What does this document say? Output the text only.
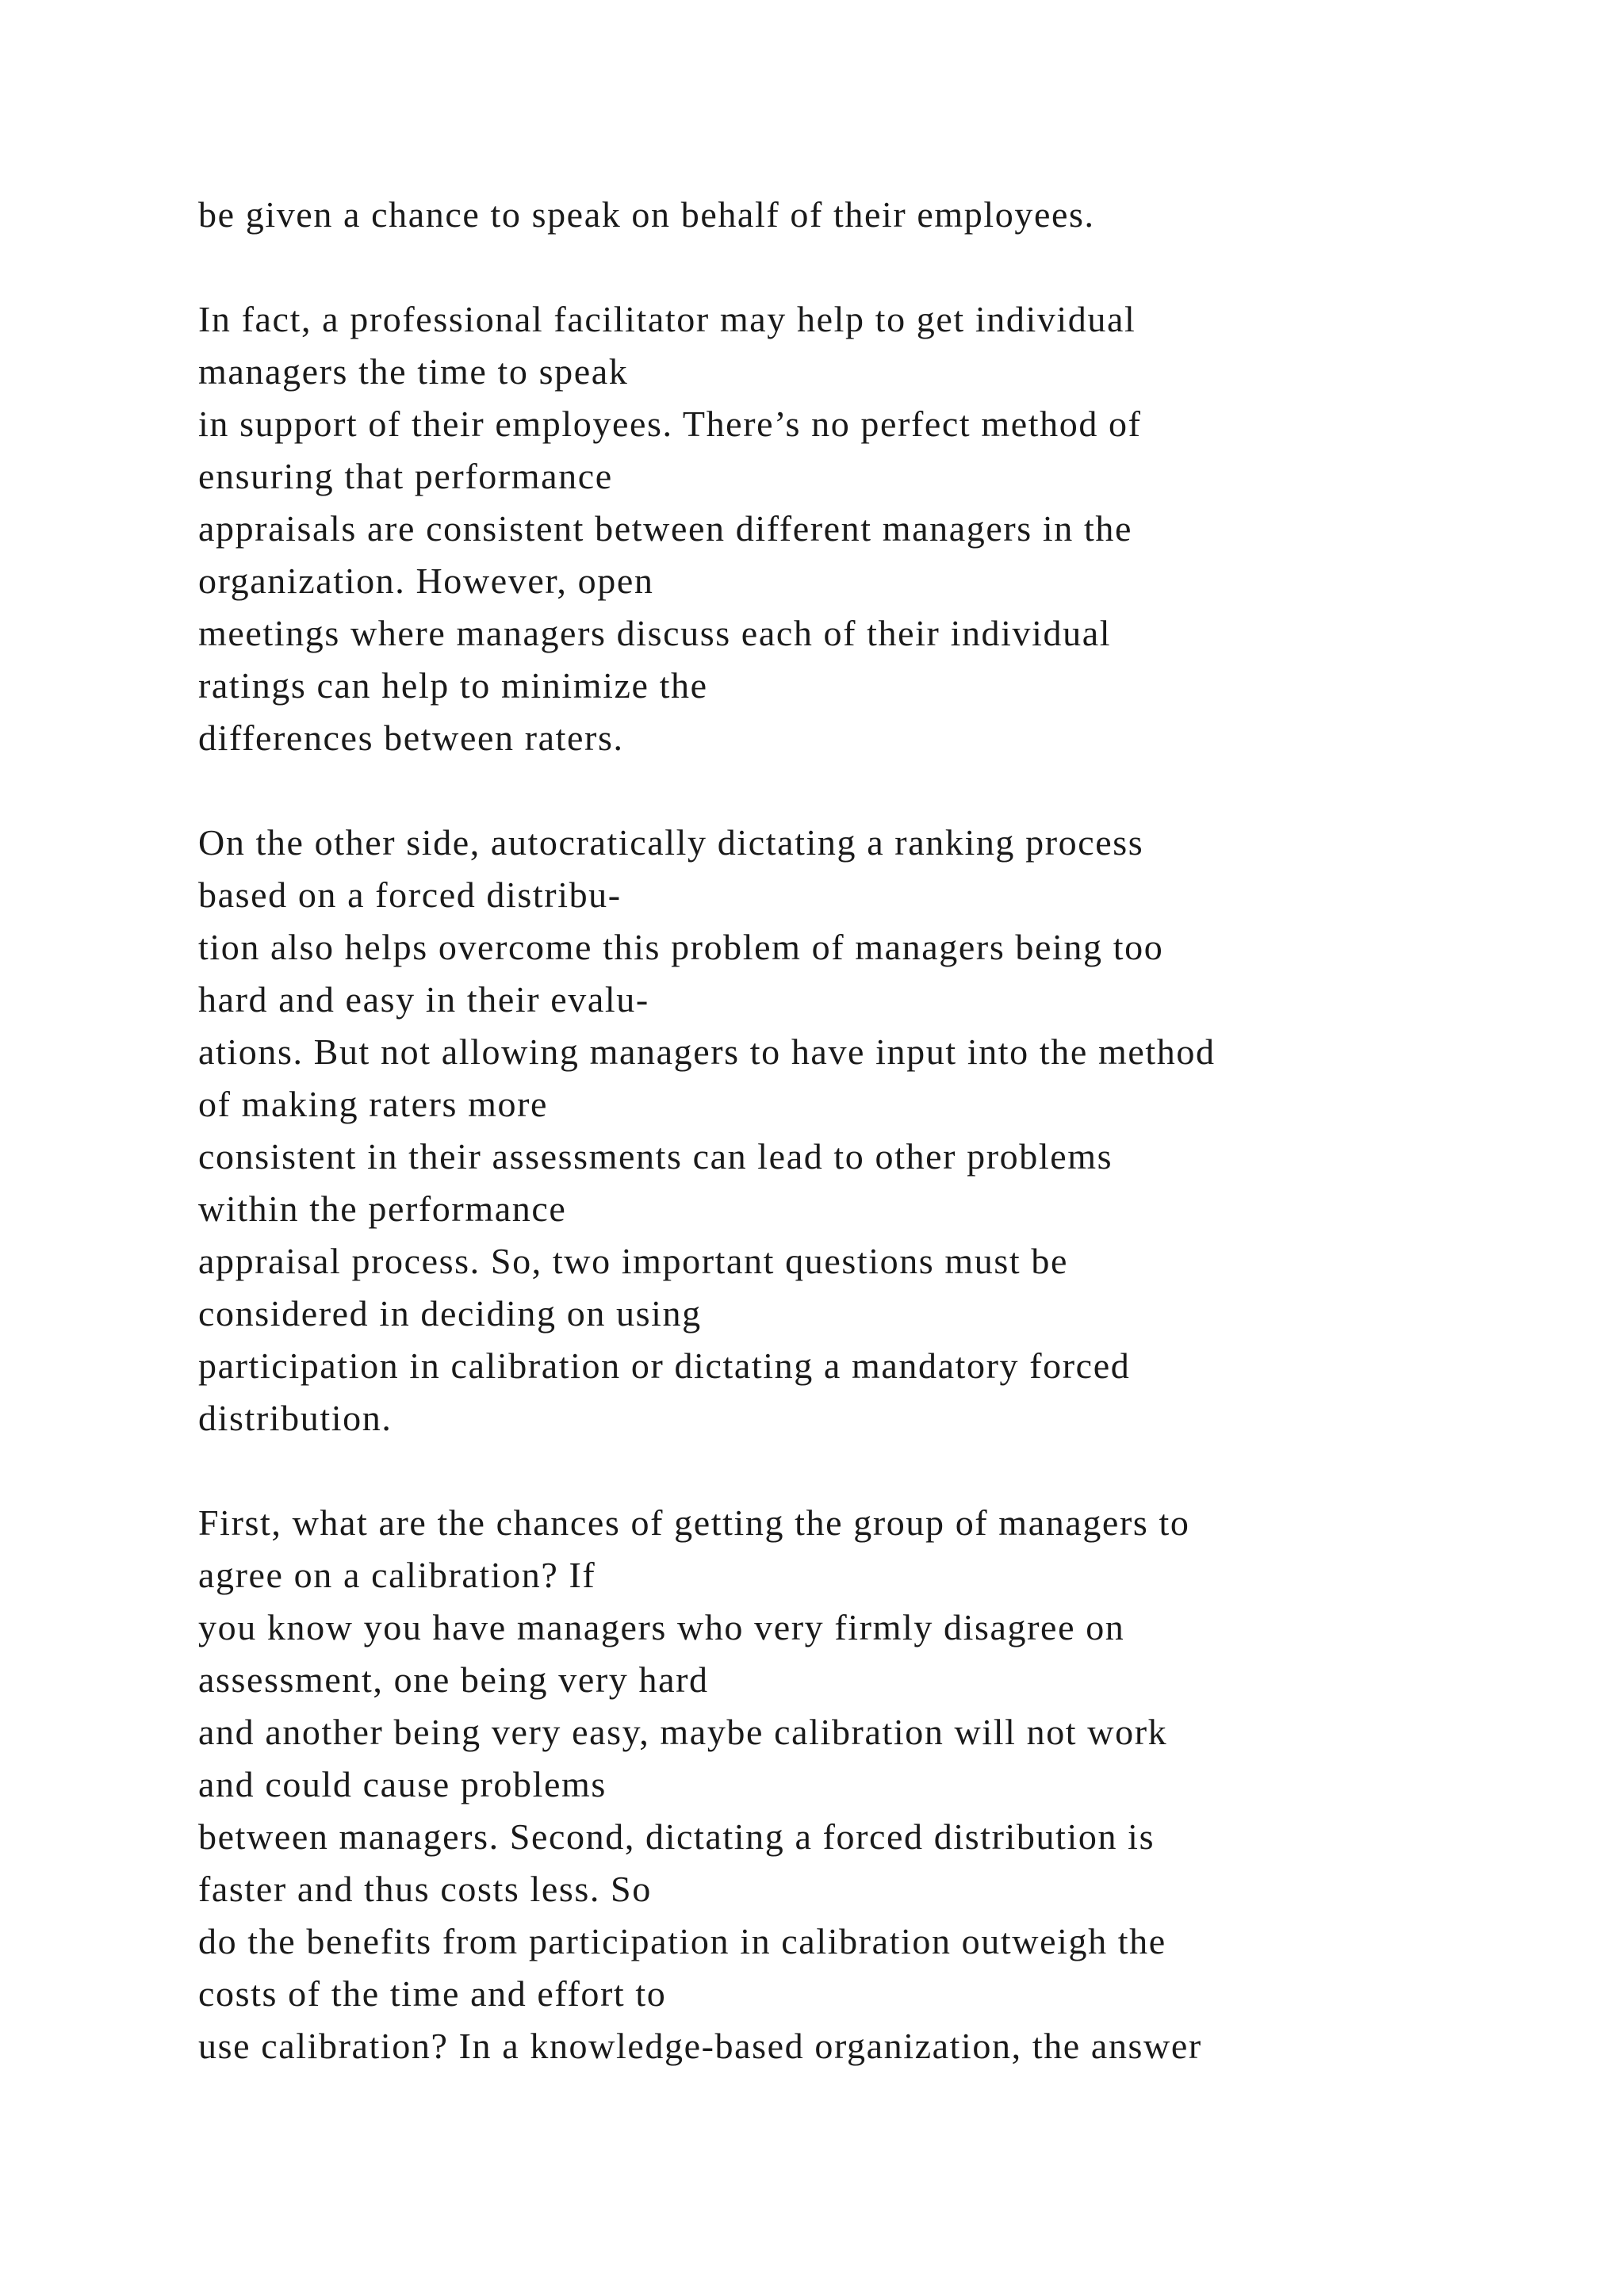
be given a chance to speak on behalf of their employees.

In fact, a professional facilitator may help to get individual
managers the time to speak
in support of their employees. There’s no perfect method of
ensuring that performance
appraisals are consistent between different managers in the
organization. However, open
meetings where managers discuss each of their individual
ratings can help to minimize the
differences between raters.

On the other side, autocratically dictating a ranking process
based on a forced distribu-
tion also helps overcome this problem of managers being too
hard and easy in their evalu-
ations. But not allowing managers to have input into the method
of making raters more
consistent in their assessments can lead to other problems
within the performance
appraisal process. So, two important questions must be
considered in deciding on using
participation in calibration or dictating a mandatory forced
distribution.

First, what are the chances of getting the group of managers to
agree on a calibration? If
you know you have managers who very firmly disagree on
assessment, one being very hard
and another being very easy, maybe calibration will not work
and could cause problems
between managers. Second, dictating a forced distribution is
faster and thus costs less. So
do the benefits from participation in calibration outweigh the
costs of the time and effort to
use calibration? In a knowledge-based organization, the answer
